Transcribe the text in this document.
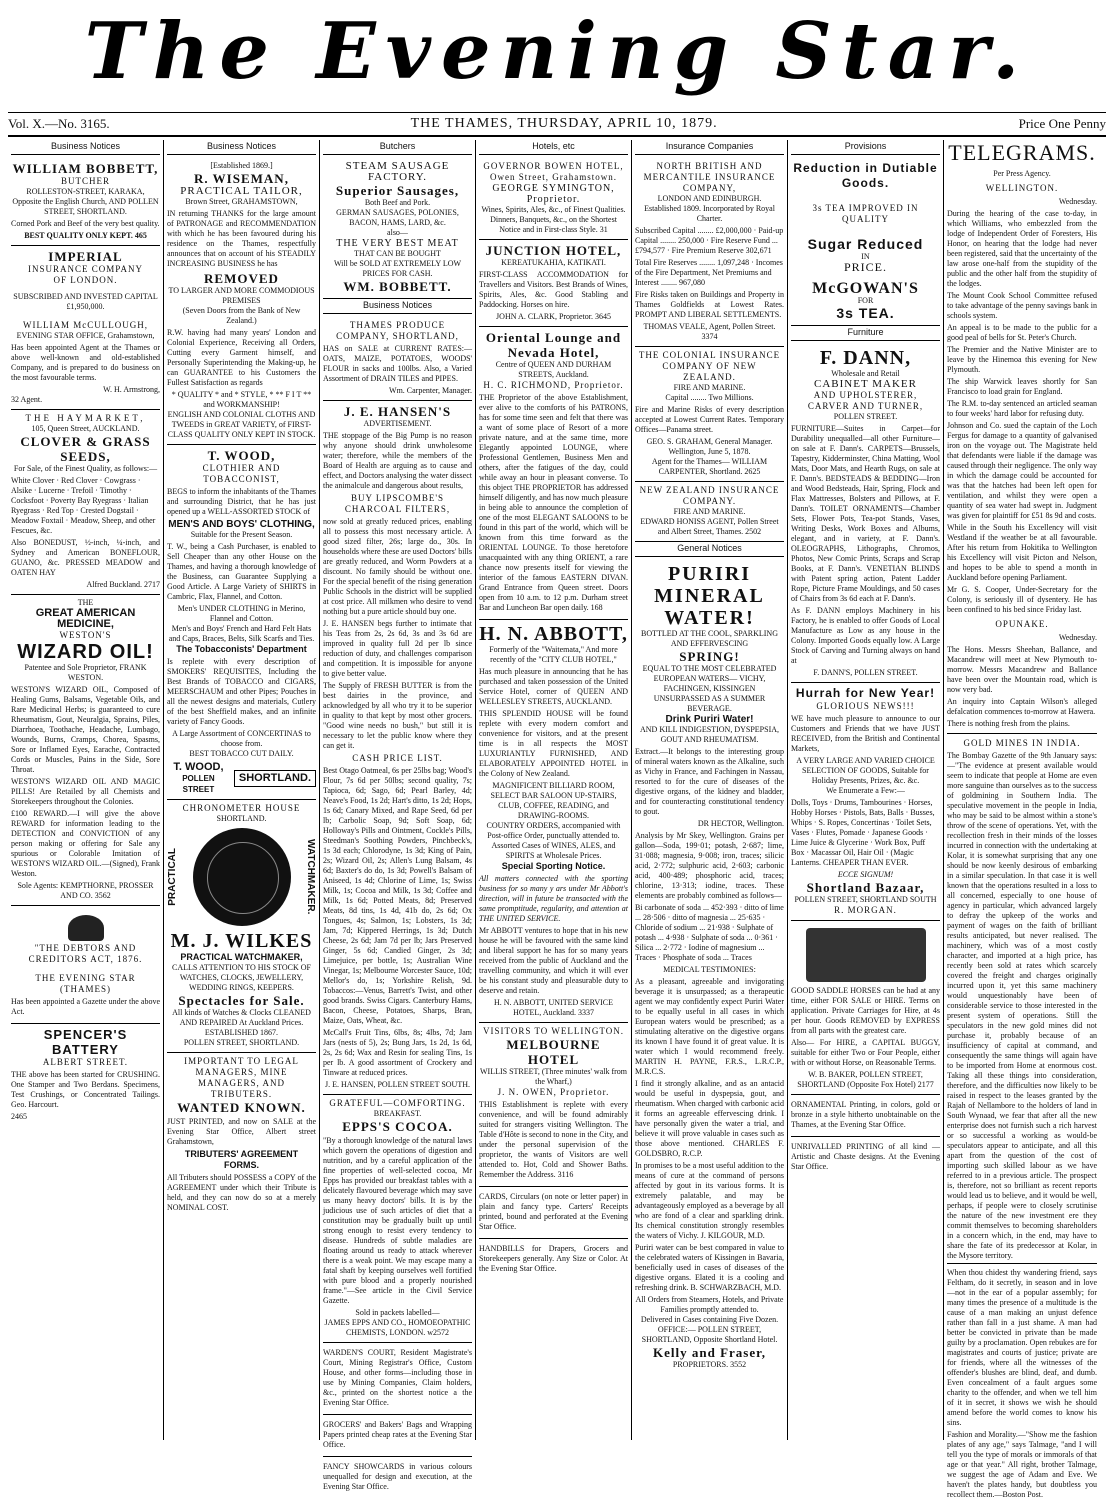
The Evening Star.
Vol. X.—No. 3165.	THE THAMES, THURSDAY, APRIL 10, 1879.	Price One Penny
Business Notices
WILLIAM BOBBETT,
BUTCHER
ROLLESTON-STREET, KARAKA, Opposite the English Church, AND POLLEN STREET, SHORTLAND.
Corned Pork and Beef of the very best quality.
BEST QUALITY ONLY KEPT. 465
IMPERIAL
INSURANCE COMPANY
OF LONDON.
SUBSCRIBED AND INVESTED CAPITAL £1,950,000.
WILLIAM McCULLOUGH,
EVENING STAR OFFICE, Grahamstown,
Has been appointed Agent at the Thames or above well-known and old-established Company, and is prepared to do business on the most favourable terms.
W. H. Armstrong,
32 Agent.
THE HAYMARKET,
105, Queen Street, AUCKLAND.
CLOVER & GRASS SEEDS,
For Sale, of the Finest Quality, as follows:—
White Clover · Red Clover · Cowgrass · Alsike · Lucerne · Trefoil · Timothy · Cocksfoot · Poverty Bay Ryegrass · Italian Ryegrass · Red Top · Crested Dogstail · Meadow Foxtail · Meadow, Sheep, and other Fescues, &c.
Also BONEDUST, ½-inch, ¼-inch, and Sydney and American BONEFLOUR, GUANO, &c. PRESSED MEADOW and OATEN HAY
Alfred Buckland. 2717
THE
GREAT AMERICAN MEDICINE,
WESTON'S
WIZARD OIL!
Patentee and Sole Proprietor, FRANK WESTON.
WESTON'S WIZARD OIL, Composed of Healing Gums, Balsams, Vegetable Oils, and Rare Medicinal Herbs; is guaranteed to cure Rheumatism, Gout, Neuralgia, Sprains, Piles, Diarrhoea, Toothache, Headache, Lumbago, Wounds, Burns, Cramps, Chorea, Spasms, Sore or Inflamed Eyes, Earache, Contracted Cords or Muscles, Pains in the Side, Sore Throat.
WESTON'S WIZARD OIL AND MAGIC PILLS! Are Retailed by all Chemists and Storekeepers throughout the Colonies.
£100 REWARD.—I will give the above REWARD for information leading to the DETECTION and CONVICTION of any person making or offering for Sale any spurious or Colorable Imitation of WESTON'S WIZARD OIL.—(Signed), Frank Weston.
Sole Agents: KEMPTHORNE, PROSSER AND CO. 3562
"THE DEBTORS AND CREDITORS ACT, 1876.
THE EVENING STAR (THAMES)
Has been appointed a Gazette under the above Act.
SPENCER'S
BATTERY
ALBERT STREET.
THE above has been started for CRUSHING. One Stamper and Two Berdans. Specimens, Test Crushings, or Concentrated Tailings. Geo. Harcourt.
2465
Business Notices
[Established 1869.]
R. WISEMAN,
PRACTICAL TAILOR,
Brown Street, GRAHAMSTOWN,
IN returning THANKS for the large amount of PATRONAGE and RECOMMENDATION with which he has been favoured during his residence on the Thames, respectfully announces that on account of his STEADILY INCREASING BUSINESS he has
REMOVED
TO LARGER AND MORE COMMODIOUS PREMISES
(Seven Doors from the Bank of New Zealand.)
R.W. having had many years' London and Colonial Experience, Receiving all Orders, Cutting every Garment himself, and Personally Superintending the Making-up, he can GUARANTEE to his Customers the Fullest Satisfaction as regards
* QUALITY * and * STYLE, * ** F I T ** and WORKMANSHIP!
ENGLISH AND COLONIAL CLOTHS AND TWEEDS in GREAT VARIETY, of FIRST-CLASS QUALITY ONLY KEPT IN STOCK.
T. WOOD,
CLOTHIER AND TOBACCONIST,
BEGS to inform the inhabitants of the Thames and surrounding District, that he has just opened up a WELL-ASSORTED STOCK of
MEN'S AND BOYS' CLOTHING,
Suitable for the Present Season.
T. W., being a Cash Purchaser, is enabled to Sell Cheaper than any other House on the Thames, and having a thorough knowledge of the Business, can Guarantee Supplying a Good Article. A Large Variety of SHIRTS in Cambric, Flax, Flannel, and Cotton.
Men's UNDER CLOTHING in Merino, Flannel and Cotton.
Men's and Boys' French and Hard Felt Hats and Caps, Braces, Belts, Silk Scarfs and Ties.
The Tobacconists' Department
Is replete with every description of SMOKERS' REQUISITES, Including the Best Brands of TOBACCO and CIGARS, MEERSCHAUM and other Pipes; Pouches in all the newest designs and materials, Cutlery of the best Sheffield makes, and an infinite variety of Fancy Goods.
A Large Assortment of CONCERTINAS to choose from.
BEST TOBACCO CUT DAILY.
T. WOOD,
POLLEN STREET
SHORTLAND.
CHRONOMETER HOUSE
SHORTLAND.
PRACTICAL	WATCHMAKER.
M. J. WILKES
PRACTICAL WATCHMAKER,
CALLS ATTENTION TO HIS STOCK OF WATCHES, CLOCKS, JEWELLERY, WEDDING RINGS, KEEPERS.
Spectacles for Sale.
All kinds of Watches & Clocks CLEANED AND REPAIRED At Auckland Prices.
ESTABLISHED 1867.
POLLEN STREET, SHORTLAND.
IMPORTANT TO LEGAL MANAGERS, MINE MANAGERS, AND TRIBUTERS.
WANTED KNOWN.
JUST PRINTED, and now on SALE at the Evening Star Office, Albert street Grahamstown,
TRIBUTERS' AGREEMENT FORMS.
All Tributers should POSSESS a COPY of the AGREEMENT under which their Tribute is held, and they can now do so at a merely NOMINAL COST.
Butchers
STEAM SAUSAGE FACTORY.
Superior Sausages,
Both Beef and Pork.
GERMAN SAUSAGES, POLONIES,
BACON, HAMS, LARD, &c.
also—
THE VERY BEST MEAT
THAT CAN BE BOUGHT
Will be SOLD AT EXTREMELY LOW PRICES FOR CASH.
WM. BOBBETT.
Business Notices
THAMES PRODUCE COMPANY, SHORTLAND,
HAS on SALE at CURRENT RATES:— OATS, MAIZE, POTATOES, WOODS' FLOUR in sacks and 100lbs. Also, a Varied Assortment of DRAIN TILES and PIPES.
Wm. Carpenter, Manager.
J. E. HANSEN'S
ADVERTISEMENT.
THE stoppage of the Big Pump is no reason why anyone should drink unwholesome water; therefore, while the members of the Board of Health are arguing as to cause and effect, and Doctors analysing the water dissect the animalcule and dangerous about results,
BUY LIPSCOMBE'S CHARCOAL FILTERS,
now sold at greatly reduced prices, enabling all to possess this most necessary article. A good sized filter, 26s; large do., 30s. In households where these are used Doctors' bills are greatly reduced, and Worm Powders at a discount. No family should be without one. For the special benefit of the rising generation Public Schools in the district will be supplied at cost price. All milkmen who desire to vend nothing but a pure article should buy one.
J. E. HANSEN begs further to intimate that his Teas from 2s, 2s 6d, 3s and 3s 6d are improved in quality full 2d per lb since reduction of duty, and challenges comparison and competition. It is impossible for anyone to give better value.
The Supply of FRESH BUTTER is from the best dairies in the province, and acknowledged by all who try it to be superior in quality to that kept by most other grocers. "Good wine needs no bush," but still it is necessary to let the public know where they can get it.
CASH PRICE LIST.
Best Otago Oatmeal, 6s per 25lbs bag; Wood's Flour, 7s 6d per 50lbs; second quality, 7s; Tapioca, 6d; Sago, 6d; Pearl Barley, 4d; Neave's Food, 1s 2d; Hart's ditto, 1s 2d; Hops, 1s 6d; Canary Mixed, and Rape Seed, 6d per lb; Carbolic Soap, 9d; Soft Soap, 6d; Holloway's Pills and Ointment, Cockle's Pills, Steedman's Soothing Powders, Pinchbeck's, 1s 3d each; Chlorodyne, 1s 3d; King of Pain, 2s; Wizard Oil, 2s; Allen's Lung Balsam, 4s 6d; Baxter's do do, 1s 3d; Powell's Balsam of Aniseed, 1s 4d; Chlorine of Lime, 1s; Swiss Milk, 1s; Cocoa and Milk, 1s 3d; Coffee and Milk, 1s 6d; Potted Meats, 8d; Preserved Meats, 8d tins, 1s 4d, 41b do, 2s 6d; Ox Tongues, 4s; Salmon, 1s; Lobsters, 1s 3d; Jam, 7d; Kippered Herrings, 1s 3d; Dutch Cheese, 2s 6d; Jam 7d per lb; Jars Preserved Ginger, 5s 6d; Candied Ginger, 2s 3d; Limejuice, per bottle, 1s; Australian Wine Vinegar, 1s; Melbourne Worcester Sauce, 10d; Mellor's do, 1s; Yorkshire Relish, 9d. Tobaccos:—Venus, Barrett's Twist, and other good brands. Swiss Cigars. Canterbury Hams, Bacon, Cheese, Potatoes, Sharps, Bran, Maize, Oats, Wheat, &c.
McCall's Fruit Tins, 6lbs, 8s; 4lbs, 7d; Jam Jars (nests of 5), 2s; Bung Jars, 1s 2d, 1s 6d, 2s, 2s 6d; Wax and Resin for sealing Tins, 1s per lb. A good assortment of Crockery and Tinware at reduced prices.
J. E. HANSEN, POLLEN STREET SOUTH.
GRATEFUL—COMFORTING.
BREAKFAST.
EPPS'S COCOA.
"By a thorough knowledge of the natural laws which govern the operations of digestion and nutrition, and by a careful application of the fine properties of well-selected cocoa, Mr Epps has provided our breakfast tables with a delicately flavoured beverage which may save us many heavy doctors' bills. It is by the judicious use of such articles of diet that a constitution may be gradually built up until strong enough to resist every tendency to disease. Hundreds of subtle maladies are floating around us ready to attack wherever there is a weak point. We may escape many a fatal shaft by keeping ourselves well fortified with pure blood and a properly nourished frame."—See article in the Civil Service Gazette.
Sold in packets labelled—
JAMES EPPS AND CO., HOMOEOPATHIC CHEMISTS, LONDON. w2572
WARDEN'S COURT, Resident Magistrate's Court, Mining Registrar's Office, Custom House, and other forms—including those in use by Mining Companies, Claim holders, &c., printed on the shortest notice a the Evening Star Office.
GROCERS' and Bakers' Bags and Wrapping Papers printed cheap rates at the Evening Star Office.
FANCY SHOWCARDS in various colours unequalled for design and execution, at the Evening Star Office.
Hotels, etc
GOVERNOR BOWEN HOTEL, Owen Street, Grahamstown.
GEORGE SYMINGTON, Proprietor.
Wines, Spirits, Ales, &c., of Finest Qualities.
Dinners, Banquets, &c., on the Shortest Notice and in First-class Style. 31
JUNCTION HOTEL,
KEREATUKAHIA, KATIKATI.
FIRST-CLASS ACCOMMODATION for Travellers and Visitors. Best Brands of Wines, Spirits, Ales, &c. Good Stabling and Paddocking. Horses on hire.
JOHN A. CLARK, Proprietor. 3645
Oriental Lounge and Nevada Hotel,
Centre of QUEEN AND DURHAM STREETS, Auckland.
H. C. RICHMOND, Proprietor.
THE Proprietor of the above Establishment, ever alive to the comforts of his PATRONS, has for some time seen and felt that there was a want of some place of Resort of a more private nature, and at the same time, more Elegantly appointed LOUNGE, where Professional Gentlemen, Business Men and others, after the fatigues of the day, could while away an hour in pleasant converse. To this object THE PROPRIETOR has addressed himself diligently, and has now much pleasure in being able to announce the completion of one of the most ELEGANT SALOONS to be found in this part of the world, which will be known from this time forward as the ORIENTAL LOUNGE. To those heretofore unacquainted with any thing ORIENT, a rare chance now presents itself for viewing the interior of the famous EASTERN DIVAN. Grand Entrance from Queen street. Doors open from 10 a.m. to 12 p.m. Durham street Bar and Luncheon Bar open daily. 168
H. N. ABBOTT,
Formerly of the "Waitemata," And more recently of the "CITY CLUB HOTEL,"
Has much pleasure in announcing that he has purchased and taken possession of the United Service Hotel, corner of QUEEN AND WELLESLEY STREETS, AUCKLAND.
THIS SPLENDID HOUSE will be found replete with every modern comfort and convenience for visitors, and at the present time is in all respects the MOST LUXURIANTLY FURNISHED, AND ELABORATELY APPOINTED HOTEL in the Colony of New Zealand.
MAGNIFICENT BILLIARD ROOM, SELECT BAR SALOON UP-STAIRS, CLUB, COFFEE, READING, and DRAWING-ROOMS.
COUNTRY ORDERS, accompanied with Post-office Order, punctually attended to. Assorted Cases of WINES, ALES, and SPIRITS at Wholesale Prices.
Special Sporting Notice.
All matters connected with the sporting business for so many y ars under Mr Abbott's direction, will in future be transacted with the same promptitude, regularity, and attention at THE UNITED SERVICE.
Mr ABBOTT ventures to hope that in his new house he will be favoured with the same kind and liberal support he has for so many years received from the public of Auckland and the travelling community, and which it will ever be his constant study and pleasurable duty to deserve and retain.
H. N. ABBOTT, UNITED SERVICE HOTEL, Auckland. 3337
VISITORS TO WELLINGTON.
MELBOURNE HOTEL
WILLIS STREET, (Three minutes' walk from the Wharf,)
J. N. OWEN, Proprietor.
THIS Establishment is replete with every convenience, and will be found admirably suited for strangers visiting Wellington. The Table d'Hôte is second to none in the City, and under the personal supervision of the proprietor, the wants of Visitors are well attended to. Hot, Cold and Shower Baths. Remember the Address. 3116
CARDS, Circulars (on note or letter paper) in plain and fancy type. Carters' Receipts printed, bound and perforated at the Evening Star Office.
HANDBILLS for Drapers, Grocers and Storekeepers generally. Any Size or Color. At the Evening Star Office.
Insurance Companies
NORTH BRITISH AND MERCANTILE INSURANCE COMPANY,
LONDON AND EDINBURGH.
Established 1809. Incorporated by Royal Charter.
Subscribed Capital ........ £2,000,000 · Paid-up Capital ........ 250,000 · Fire Reserve Fund ... £794,577 · Fire Premium Reserve 302,671
Total Fire Reserves ........ 1,097,248 · Incomes of the Fire Department, Net Premiums and Interest ........ 967,080
Fire Risks taken on Buildings and Property in Thames Goldfields at Lowest Rates. PROMPT AND LIBERAL SETTLEMENTS.
THOMAS VEALE, Agent, Pollen Street. 3374
THE COLONIAL INSURANCE COMPANY OF NEW ZEALAND.
FIRE AND MARINE.
Capital ........ Two Millions.
Fire and Marine Risks of every description accepted at Lowest Current Rates. Temporary Offices—Panama street.
GEO. S. GRAHAM, General Manager. Wellington, June 5, 1878.
Agent for the Thames— WILLIAM CARPENTER, Shortland. 2625
NEW ZEALAND INSURANCE COMPANY.
FIRE AND MARINE.
EDWARD HONISS AGENT, Pollen Street and Albert Street, Thames. 2502
General Notices
PURIRI MINERAL WATER!
BOTTLED AT THE COOL, SPARKLING AND EFFERVESCING
SPRING!
EQUAL TO THE MOST CELEBRATED EUROPEAN WATERS— VICHY, FACHINGEN, KISSINGEN
UNSURPASSED AS A SUMMER BEVERAGE.
Drink Puriri Water!
AND KILL INDIGESTION, DYSPEPSIA, GOUT AND RHEUMATISM.
Extract.—It belongs to the interesting group of mineral waters known as the Alkaline, such as Vichy in France, and Fachingen in Nassau, resorted to for the cure of diseases of the digestive organs, of the kidney and bladder, and for counteracting constitutional tendency to gout.
DR HECTOR, Wellington.
Analysis by Mr Skey, Wellington. Grains per gallon—Soda, 199·01; potash, 2·687; lime, 31·088; magnesia, 9·008; iron, traces; silicic acid, 2·772; sulphuric acid, 2·603; carbonic acid, 400·489; phosphoric acid, traces; chlorine, 13·313; iodine, traces. These elements are probably combined as follows—
Bi carbonate of soda ... 452·393 · ditto of lime ... 28·506 · ditto of magnesia ... 25·635 · Chloride of sodium ... 21·938 · Sulphate of potash ... 4·938 · Sulphate of soda ... 0·361 · Silica ... 2·772 · Iodine of magnesium ... Traces · Phosphate of soda ... Traces
MEDICAL TESTIMONIES:
As a pleasant, agreeable and invigorating beverage it is unsurpassed; as a therapeutic agent we may confidently expect Puriri Water to be equally useful in all cases in which European waters would be prescribed; as a stimulating alterative on the digestive organs its known I have found it of great value. It is water which I would recommend freely. MARTIN H. PAYNE, F.R.S., L.R.C.P., M.R.C.S.
I find it strongly alkaline, and as an antacid would be useful in dyspepsia, gout, and rheumatism. When charged with carbonic acid it forms an agreeable effervescing drink. I have personally given the water a trial, and believe it will prove valuable in cases such as those above mentioned. CHARLES F. GOLDSBRO, R.C.P.
In promises to be a most useful addition to the means of cure at the command of persons affected by gout in its various forms. It is extremely palatable, and may be advantageously employed as a beverage by all who are fond of a clear and sparkling drink. Its chemical constitution strongly resembles the waters of Vichy. J. KILGOUR, M.D.
Puriri water can be best compared in value to the celebrated waters of Kissingen in Bavaria, beneficially used in cases of diseases of the digestive organs. Elated it is a cooling and refreshing drink. B. SCHWARZBACH, M.D.
All Orders from Steamers, Hotels, and Private Families promptly attended to.
Delivered in Cases containing Five Dozen.
OFFICE:— POLLEN STREET, SHORTLAND, Opposite Shortland Hotel.
Kelly and Fraser,
PROPRIETORS. 3552
Provisions
Reduction in Dutiable Goods.
3s TEA IMPROVED IN QUALITY
Sugar Reduced
IN
PRICE.
McGOWAN'S
FOR
3s TEA.
Furniture
F. DANN,
Wholesale and Retail
CABINET MAKER
AND UPHOLSTERER,
CARVER AND TURNER,
POLLEN STREET.
FURNITURE—Suites in Carpet—for Durability unequalled—all other Furniture—on sale at F. Dann's. CARPETS—Brussels, Tapestry, Kidderminster, China Matting, Wool Mats, Door Mats, and Hearth Rugs, on sale at F. Dann's. BEDSTEADS & BEDDING—Iron and Wood Bedsteads, Hair, Spring, Flock and Flax Mattresses, Bolsters and Pillows, at F. Dann's. TOILET ORNAMENTS—Chamber Sets, Flower Pots, Tea-pot Stands, Vases, Writing Desks, Work Boxes and Albums, elegant, and in variety, at F. Dann's. OLEOGRAPHS, Lithographs, Chromos, Photos, New Comic Prints, Scraps and Scrap Books, at F. Dann's. VENETIAN BLINDS with Patent spring action, Patent Ladder Rope, Picture Frame Mouldings, and 50 cases of Chairs from 3s 6d each at F. Dann's.
As F. DANN employs Machinery in his Factory, he is enabled to offer Goods of Local Manufacture as Low as any house in the Colony. Imported Goods equally low. A Large Stock of Carving and Turning always on hand at
F. DANN'S, POLLEN STREET.
Hurrah for New Year!
GLORIOUS NEWS!!!
WE have much pleasure to announce to our Customers and Friends that we have JUST RECEIVED, from the British and Continental Markets,
A VERY LARGE AND VARIED CHOICE SELECTION OF GOODS, Suitable for Holiday Presents, Prizes, &c. &c.
We Enumerate a Few:—
Dolls, Toys · Drums, Tambourines · Horses, Hobby Horses · Pistols, Bats, Balls · Busses, Whips · S. Ropes, Concertinas · Toilet Sets, Vases · Flutes, Pomade · Japanese Goods · Lime Juice & Glycerine · Work Box, Puff Box · Macassar Oil, Hair Oil · (Magic Lanterns. CHEAPER THAN EVER.
ECCE SIGNUM!
Shortland Bazaar,
POLLEN STREET, SHORTLAND SOUTH
R. MORGAN.
GOOD SADDLE HORSES can be had at any time, either FOR SALE or HIRE. Terms on application. Private Carriages for Hire, at 4s per hour. Goods REMOVED by EXPRESS from all parts with the greatest care.
Also— For HIRE, a CAPITAL BUGGY, suitable for either Two or Four People, either with or without Horse, on Reasonable Terms.
W. B. BAKER, POLLEN STREET, SHORTLAND (Opposite Fox Hotel) 2177
ORNAMENTAL Printing, in colors, gold or bronze in a style hitherto unobtainable on the Thames, at the Evening Star Office.
UNRIVALLED PRINTING of all kind —Artistic and Chaste designs. At the Evening Star Office.
TELEGRAMS.
Per Press Agency.
WELLINGTON.
Wednesday.
During the hearing of the case to-day, in which Williams, who embezzled from the lodge of Independent Order of Foresters, His Honor, on hearing that the lodge had never been registered, said that the uncertainty of the law arose one-half from the stupidity of the public and the other half from the stupidity of the lodges.
The Mount Cook School Committee refused to take advantage of the penny savings bank in schools system.
An appeal is to be made to the public for a good peal of bells for St. Peter's Church.
The Premier and the Native Minister are to leave by the Hinemoa this evening for New Plymouth.
The ship Warwick leaves shortly for San Francisco to load grain for England.
The R.M. to-day sentenced an articled seaman to four weeks' hard labor for refusing duty.
Johnson and Co. sued the captain of the Loch Fergus for damage to a quantity of galvanised iron on the voyage out. The Magistrate held that defendants were liable if the damage was caused through their negligence. The only way in which the damage could be accounted for was that the hatches had been left open for ventilation, and whilst they were open a quantity of sea water had swept in. Judgment was given for plaintiff for £51 8s 9d and costs.
While in the South his Excellency will visit Westland if the weather be at all favourable. After his return from Hokitika to Wellington his Excellency will visit Picton and Nelson, and hopes to be able to spend a month in Auckland before opening Parliament.
Mr G. S. Cooper, Under-Secretary for the Colony, is seriously ill of dysentery. He has been confined to his bed since Friday last.
OPUNAKE.
Wednesday.
The Hons. Messrs Sheehan, Ballance, and Macandrew will meet at New Plymouth to-morrow. Messrs Macandrew and Ballance have been over the Mountain road, which is now very bad.
An inquiry into Captain Wilson's alleged defalcation commences to-morrow at Hawera.
There is nothing fresh from the plains.
GOLD MINES IN INDIA.
The Bombay Gazette of the 9th January says:—"The evidence at present available would seem to indicate that people at Home are even more sanguine than ourselves as to the success of goldmining in Southern India. The speculative movement in the people in India, who may be said to be almost within a stone's throw of the scene of operations. Yet, with the recollection fresh in their minds of the losses incurred in connection with the undertaking at Kolar, it is somewhat surprising that any one should be now keenly desirous of embarking in a similar speculation. In that case it is well known that the operations resulted in a loss to all concerned, especially to one house of agency in particular, which advanced largely to defray the upkeep of the works and payment of wages on the faith of brilliant results anticipated, but never realised. The machinery, which was of a most costly character, and imported at a high price, has recently been sold at rates which scarcely covered the freight and charges originally incurred upon it, yet this same machinery would unquestionably have been of considerable service to those interested in the present system of operations. Still the speculators in the new gold mines did not purchase it, probably because of an insufficiency of capital at command, and consequently the same things will again have to be imported from Home at enormous cost. Taking all these things into consideration, therefore, and the difficulties now likely to be raised in respect to the leases granted by the Rajah of Nellambore to the holders of land in South Wynaad, we fear that after all the new enterprise does not furnish such a rich harvest or so successful a working as would-be speculators appear to anticipate, and all this apart from the question of the cost of importing such skilled labour as we have referred to in a previous article. The prospect is, therefore, not so brilliant as recent reports would lead us to believe, and it would be well, perhaps, if people were to closely scrutinise the nature of the new investment ere they commit themselves to becoming shareholders in a concern which, in the end, may have to share the fate of its predecessor at Kolar, in the Mysore territory.
When thou chidest thy wandering friend, says Feltham, do it secretly, in season and in love—not in the ear of a popular assembly; for many times the presence of a multitude is the cause of a man making an unjust defence rather than fall in a just shame. A man had better be convicted in private than be made guilty by a proclamation. Open rebukes are for magistrates and courts of justice; private are for friends, where all the witnesses of the offender's blushes are blind, deaf, and dumb. Even concealment of a fault argues some charity to the offender, and when we tell him of it in secret, it shows we wish he should amend before the world comes to know his sins.
Fashion and Morality.—"Show me the fashion plates of any age," says Talmage, "and I will tell you the type of morals or immorals of that age or that year." All right, brother Talmage, we suggest the age of Adam and Eve. We haven't the plates handy, but doubtless you recollect them.—Boston Post.
